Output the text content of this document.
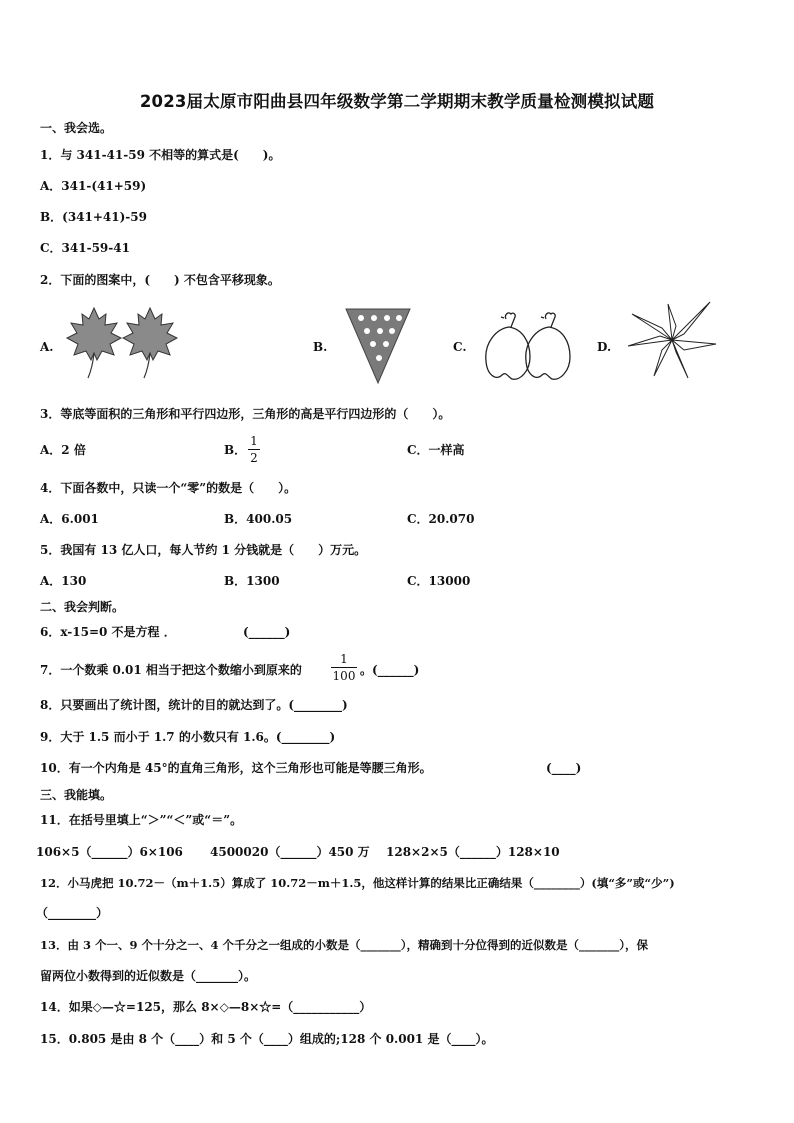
2023届太原市阳曲县四年级数学第二学期期末教学质量检测模拟试题
一、我会选。
1．与 341-41-59 不相等的算式是(　　)。
A．341-(41+59)
B．(341+41)-59
C．341-59-41
2．下面的图案中，(　　) 不包含平移现象。
A.	B.	C.	D.
3．等底等面积的三角形和平行四边形，三角形的高是平行四边形的（　　）。
A．2 倍	B．
1
2
C．一样高
4．下面各数中，只读一个“零”的数是（　　）。
A．6.001	B．400.05	C．20.070
5．我国有 13 亿人口，每人节约 1 分钱就是（　　）万元。
A．130	B．1300	C．13000
二、我会判断。
6．x-15=0 不是方程 ．	(______)
7．一个数乘 0.01 相当于把这个数缩小到原来的
1
100 。(______)
8．只要画出了统计图，统计的目的就达到了。(________)
9．大于 1.5 而小于 1.7 的小数只有 1.6。(________)
10．有一个内角是 45°的直角三角形，这个三角形也可能是等腰三角形。	(____)
三、我能填。
11．在括号里填上“＞”“＜”或“＝”。
106×5（______）6×106 4500020（______）450 万 128×2×5（______）128×10
12．小马虎把 10.72－（m＋1.5）算成了 10.72－m＋1.5，他这样计算的结果比正确结果（________）(填“多”或“少”)
（________）
13．由 3 个一、9 个十分之一、4 个千分之一组成的小数是（_______），精确到十分位得到的近似数是（_______），保
留两位小数得到的近似数是（_______）。
14．如果◇—☆=125，那么 8×◇—8×☆=（___________）
15．0.805 是由 8 个（____）和 5 个（____）组成的;128 个 0.001 是（____）。
